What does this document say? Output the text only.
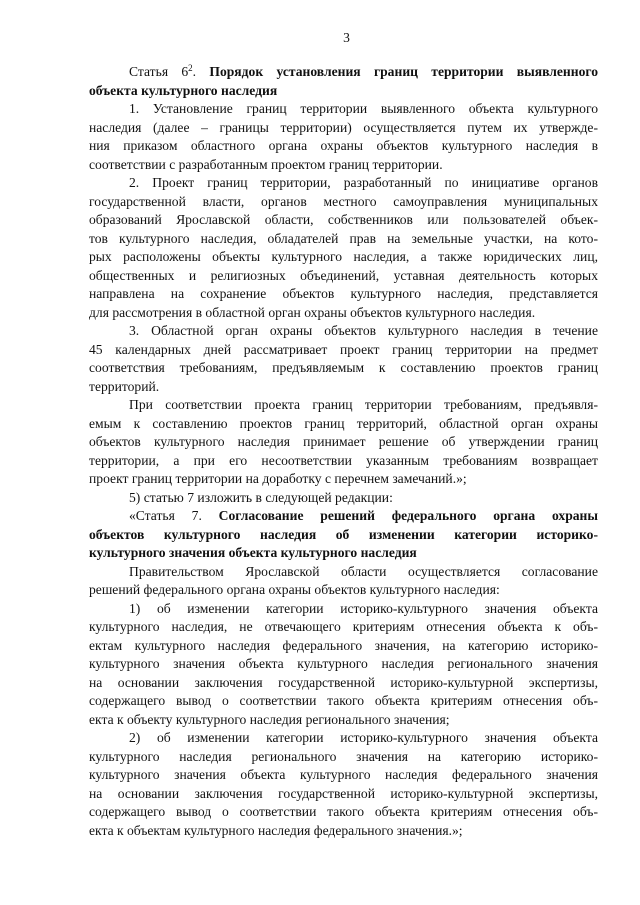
3
Статья $6^2$. Порядок установления границ территории выявленного
объекта культурного наследия
1. Установление границ территории выявленного объекта культурного
наследия (далее – границы территории) осуществляется путем их утвержде-
ния приказом областного органа охраны объектов культурного наследия в
соответствии с разработанным проектом границ территории.
2. Проект границ территории, разработанный по инициативе органов
государственной власти, органов местного самоуправления муниципальных
образований Ярославской области, собственников или пользователей объек-
тов культурного наследия, обладателей прав на земельные участки, на кото-
рых расположены объекты культурного наследия, а также юридических лиц,
общественных и религиозных объединений, уставная деятельность которых
направлена на сохранение объектов культурного наследия, представляется
для рассмотрения в областной орган охраны объектов культурного наследия.
3. Областной орган охраны объектов культурного наследия в течение
45 календарных дней рассматривает проект границ территории на предмет
соответствия требованиям, предъявляемым к составлению проектов границ
территорий.
При соответствии проекта границ территории требованиям, предъявля-
емым к составлению проектов границ территорий, областной орган охраны
объектов культурного наследия принимает решение об утверждении границ
территории, а при его несоответствии указанным требованиям возвращает
проект границ территории на доработку с перечнем замечаний.»;
5) статью 7 изложить в следующей редакции:
«Статья 7. Согласование решений федерального органа охраны
объектов культурного наследия об изменении категории историко-
культурного значения объекта культурного наследия
Правительством Ярославской области осуществляется согласование
решений федерального органа охраны объектов культурного наследия:
1) об изменении категории историко-культурного значения объекта
культурного наследия, не отвечающего критериям отнесения объекта к объ-
ектам культурного наследия федерального значения, на категорию историко-
культурного значения объекта культурного наследия регионального значения
на основании заключения государственной историко-культурной экспертизы,
содержащего вывод о соответствии такого объекта критериям отнесения объ-
екта к объекту культурного наследия регионального значения;
2) об изменении категории историко-культурного значения объекта
культурного наследия регионального значения на категорию историко-
культурного значения объекта культурного наследия федерального значения
на основании заключения государственной историко-культурной экспертизы,
содержащего вывод о соответствии такого объекта критериям отнесения объ-
екта к объектам культурного наследия федерального значения.»;
